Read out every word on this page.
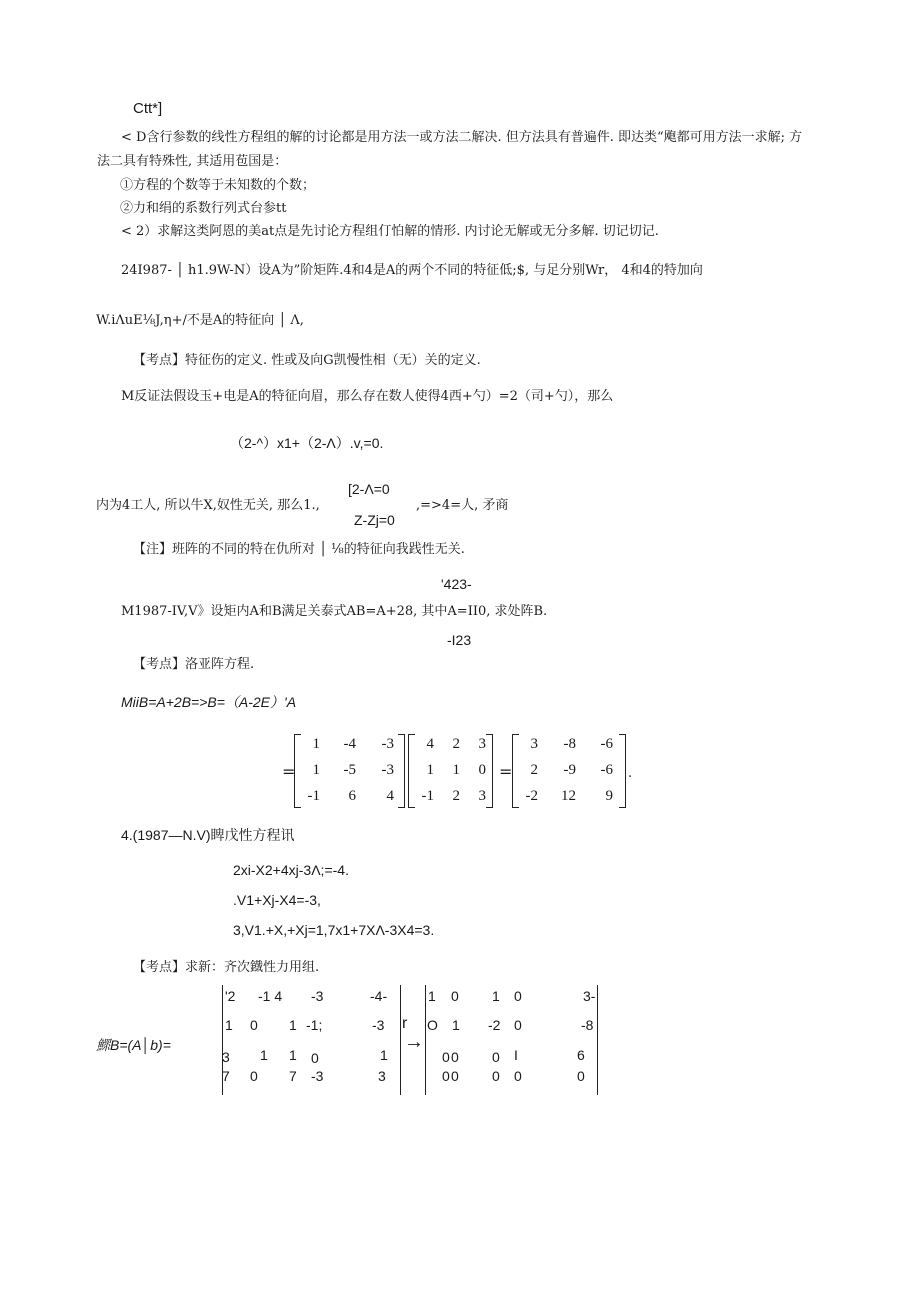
Ctt*]
< D含行参数的线性方程组的解的讨论都是用方法一或方法二解决. 但方法具有普遍件. 即达类“飑都可用方法一求解; 方
法二具有特殊性, 其适用苞国是：
①方程的个数等于未知数的个数；
②力和绢的系数行列式台参tt
< 2）求解这类阿恩的美at点是先讨论方程组仃怕解的情形. 内讨论无解或无分多解. 切记切记.
24I987- │ h1.9W-N）设A为”阶矩阵.4和4是A的两个不同的特征低;$, 与足分别Wr， 4和4的特加向
W.iΛuE⅛J,η+/不是A的特征向 │ Λ,
【考点】特征伤的定义. 性或及向G凯慢性相（无）关的定义.
M反证法假设玉+电是A的特征向眉，那么存在数人使得4西+勺）=2（司+勺），那么
（2-^）x1+（2-Λ）.v,=0.
内为4工人, 所以牛X,奴性无关, 那么1.,
[2-Λ=0
Z-Zj=0
,=>4=人, 矛商
【注】班阵的不同的特在仇所对 │ ⅛的特征向我践性无关.
'423-
M1987-IV,V》设矩内A和B满足关泰式AB=A+28, 其中A=II0, 求处阵B.
-I23
【考点】洛亚阵方程.
MiiB=A+2B=>B=（A-2E）'A
=
1	-4	-3
1	-5	-3
-1	6	4
4	2	3
1	1	0
-1	2	3
=
3	-8	-6
2	-9	-6
-2	12	9
.
4.(1987—N.V)睥戊性方程讯
2xi-X2+4xj-3Λ;=-4.
.V1+Xj-X4=-3,
3,V1.+X,+Xj=1,7x1+7XΛ-3X4=3.
【考点】求新：齐次鐡性力用组.
鰥B=(A│b)=
'2 -1 4 -3	-4-
1 0 1 -1;	-3 r
3 1 1 0	1
7 0 7 -3	3
→
1 0 1 0	3-
O 1 -2 0	-8
0 0 0 I	6
0 0 0 0	0
